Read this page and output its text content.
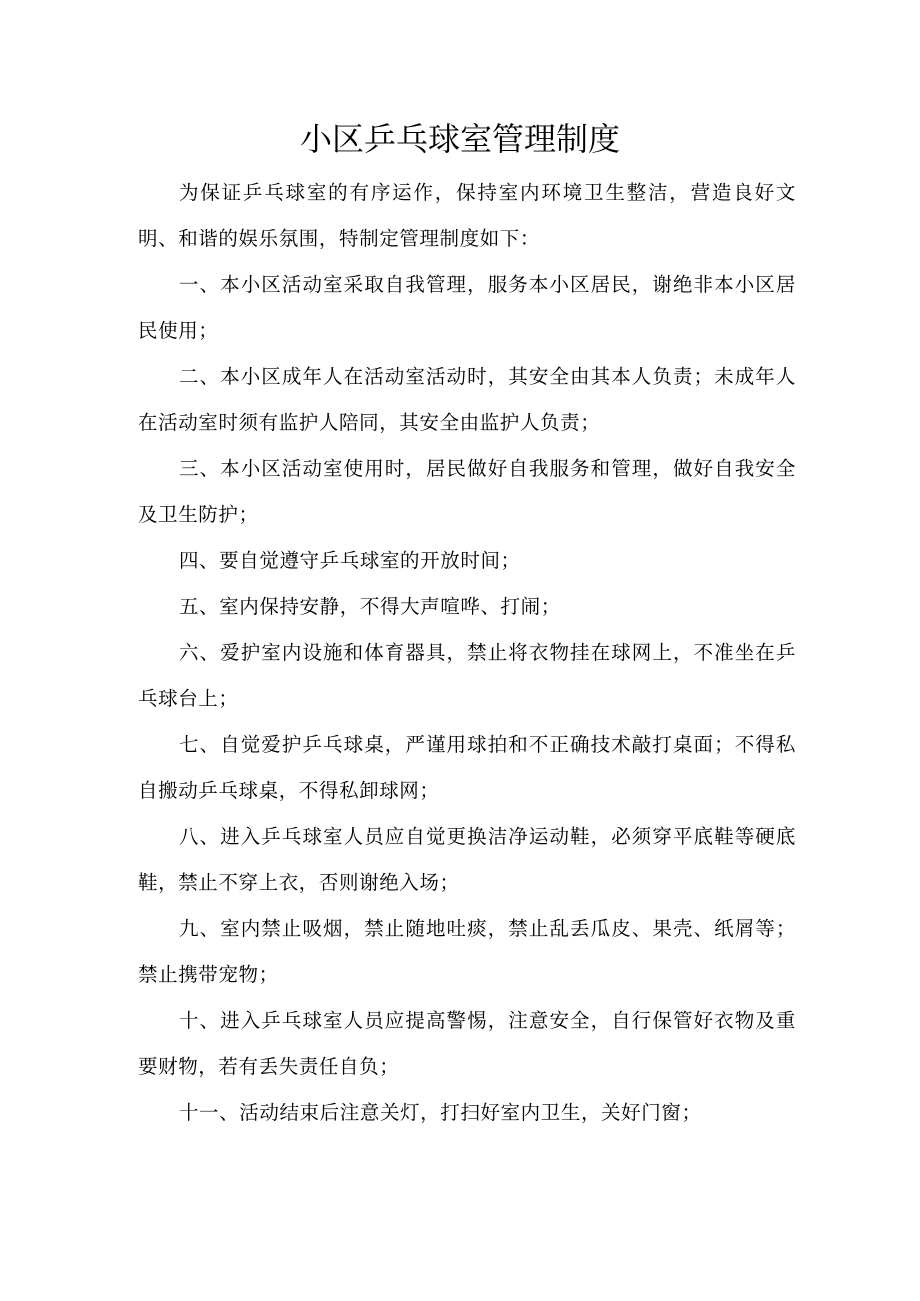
小区乒乓球室管理制度

为保证乒乓球室的有序运作，保持室内环境卫生整洁，营造良好文明、和谐的娱乐氛围，特制定管理制度如下：

一、本小区活动室采取自我管理，服务本小区居民，谢绝非本小区居民使用；

二、本小区成年人在活动室活动时，其安全由其本人负责；未成年人在活动室时须有监护人陪同，其安全由监护人负责；

三、本小区活动室使用时，居民做好自我服务和管理，做好自我安全及卫生防护；

四、要自觉遵守乒乓球室的开放时间；

五、室内保持安静，不得大声喧哗、打闹；

六、爱护室内设施和体育器具，禁止将衣物挂在球网上，不准坐在乒乓球台上；

七、自觉爱护乒乓球桌，严谨用球拍和不正确技术敲打桌面；不得私自搬动乒乓球桌，不得私卸球网；

八、进入乒乓球室人员应自觉更换洁净运动鞋，必须穿平底鞋等硬底鞋，禁止不穿上衣，否则谢绝入场；

九、室内禁止吸烟，禁止随地吐痰，禁止乱丢瓜皮、果壳、纸屑等；禁止携带宠物；

十、进入乒乓球室人员应提高警惕，注意安全，自行保管好衣物及重要财物，若有丢失责任自负；

十一、活动结束后注意关灯，打扫好室内卫生，关好门窗；
